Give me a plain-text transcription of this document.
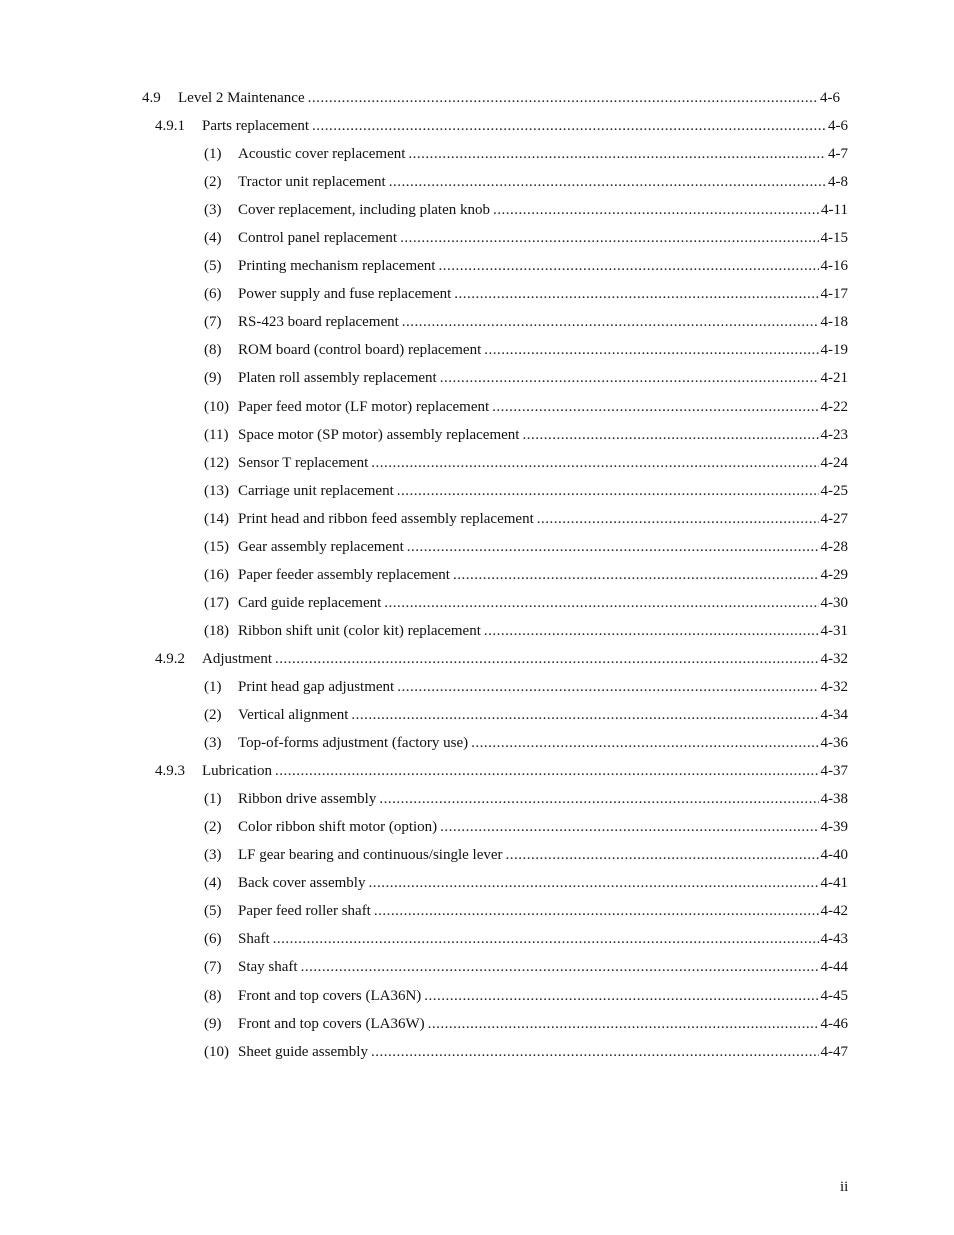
4.9	Level 2 Maintenance .....	4-6
4.9.1	Parts replacement .....	4-6
(1)	Acoustic cover replacement .....	4-7
(2)	Tractor unit replacement .....	4-8
(3)	Cover replacement, including platen knob .....	4-11
(4)	Control panel replacement .....	4-15
(5)	Printing mechanism replacement .....	4-16
(6)	Power supply and fuse replacement .....	4-17
(7)	RS-423 board replacement .....	4-18
(8)	ROM board (control board) replacement .....	4-19
(9)	Platen roll assembly replacement .....	4-21
(10) Paper feed motor (LF motor) replacement .....	4-22
(11) Space motor (SP motor) assembly replacement .....	4-23
(12) Sensor T replacement .....	4-24
(13) Carriage unit replacement .....	4-25
(14) Print head and ribbon feed assembly replacement .....	4-27
(15) Gear assembly replacement .....	4-28
(16) Paper feeder assembly replacement .....	4-29
(17) Card guide replacement .....	4-30
(18) Ribbon shift unit (color kit) replacement .....	4-31
4.9.2	Adjustment .....	4-32
(1)	Print head gap adjustment .....	4-32
(2)	Vertical alignment .....	4-34
(3)	Top-of-forms adjustment (factory use) .....	4-36
4.9.3	Lubrication .....	4-37
(1)	Ribbon drive assembly .....	4-38
(2)	Color ribbon shift motor (option) .....	4-39
(3)	LF gear bearing and continuous/single lever .....	4-40
(4)	Back cover assembly .....	4-41
(5)	Paper feed roller shaft .....	4-42
(6)	Shaft .....	4-43
(7)	Stay shaft .....	4-44
(8)	Front and top covers (LA36N) .....	4-45
(9)	Front and top covers (LA36W) .....	4-46
(10) Sheet guide assembly .....	4-47
ii
